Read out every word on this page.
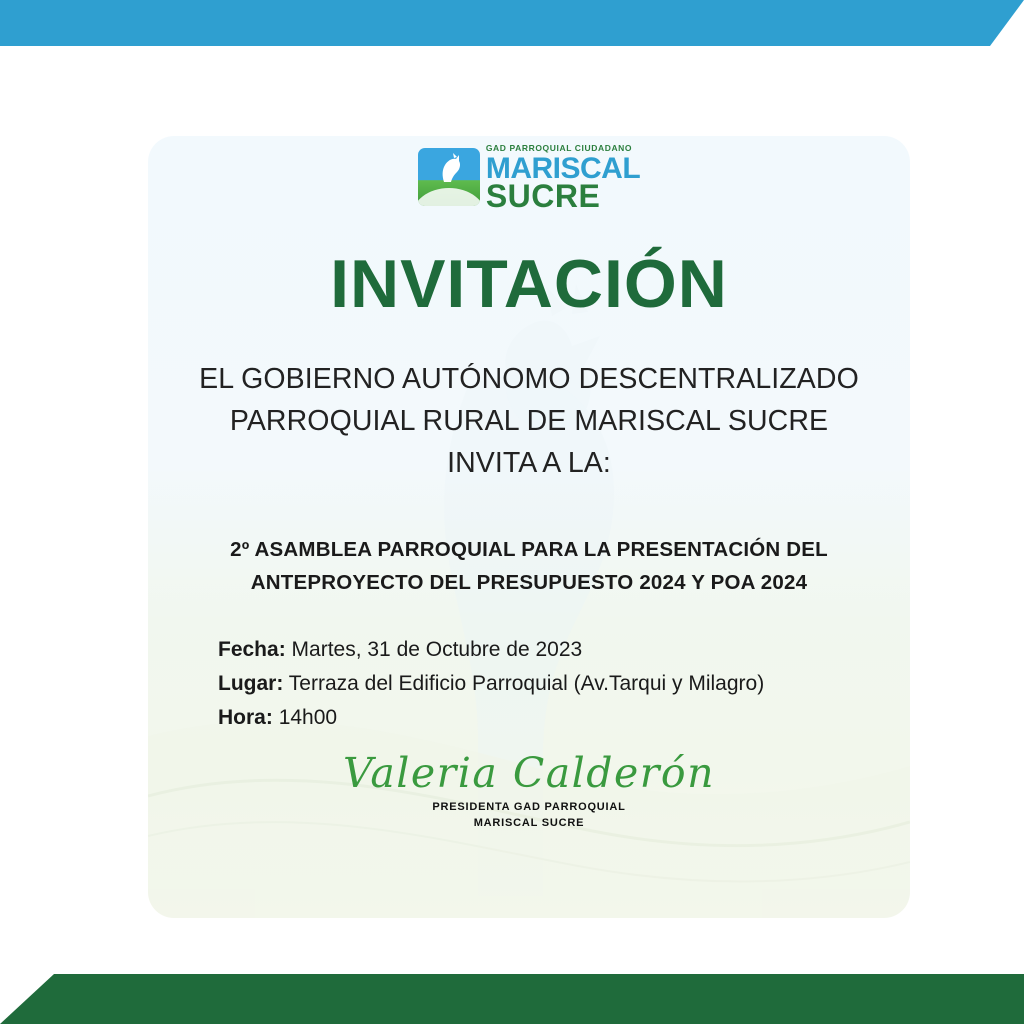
GAD PARROQUIAL CIUDADANO
MARISCAL
SUCRE
INVITACIÓN
EL GOBIERNO AUTÓNOMO DESCENTRALIZADO PARROQUIAL RURAL DE MARISCAL SUCRE INVITA A LA:
2º ASAMBLEA PARROQUIAL PARA LA PRESENTACIÓN DEL ANTEPROYECTO DEL PRESUPUESTO 2024 Y POA 2024
Fecha: Martes, 31 de Octubre de 2023
Lugar: Terraza del Edificio Parroquial (Av.Tarqui y Milagro)
Hora: 14h00
Valeria Calderón
PRESIDENTA GAD PARROQUIAL
MARISCAL SUCRE
